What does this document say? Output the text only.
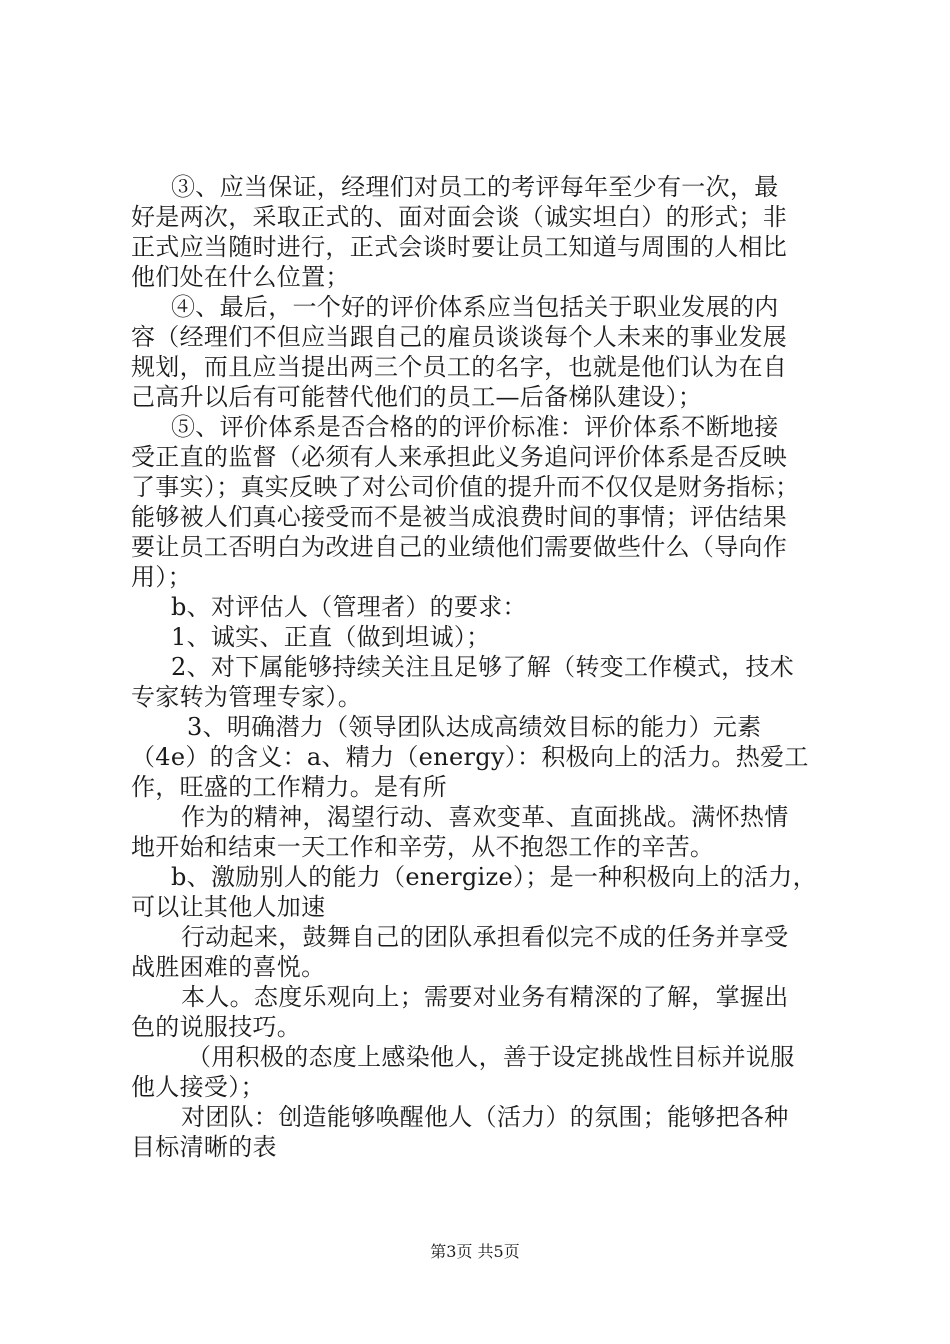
③、应当保证，经理们对员工的考评每年至少有一次，最
好是两次，采取正式的、面对面会谈（诚实坦白）的形式；非
正式应当随时进行，正式会谈时要让员工知道与周围的人相比
他们处在什么位置；
④、最后，一个好的评价体系应当包括关于职业发展的内
容（经理们不但应当跟自己的雇员谈谈每个人未来的事业发展
规划，而且应当提出两三个员工的名字，也就是他们认为在自
己高升以后有可能替代他们的员工—后备梯队建设）；
⑤、评价体系是否合格的的评价标准：评价体系不断地接
受正直的监督（必须有人来承担此义务追问评价体系是否反映
了事实）；真实反映了对公司价值的提升而不仅仅是财务指标；
能够被人们真心接受而不是被当成浪费时间的事情；评估结果
要让员工否明白为改进自己的业绩他们需要做些什么（导向作
用）；
b、对评估人（管理者）的要求：
1、诚实、正直（做到坦诚）；
2、对下属能够持续关注且足够了解（转变工作模式，技术
专家转为管理专家）。
3、明确潜力（领导团队达成高绩效目标的能力）元素
（4e）的含义：a、精力（energy）：积极向上的活力。热爱工
作，旺盛的工作精力。是有所
作为的精神，渴望行动、喜欢变革、直面挑战。满怀热情
地开始和结束一天工作和辛劳，从不抱怨工作的辛苦。
b、激励别人的能力（energize）；是一种积极向上的活力，
可以让其他人加速
行动起来，鼓舞自己的团队承担看似完不成的任务并享受
战胜困难的喜悦。
本人。态度乐观向上；需要对业务有精深的了解，掌握出
色的说服技巧。
（用积极的态度上感染他人，善于设定挑战性目标并说服
他人接受）；
对团队：创造能够唤醒他人（活力）的氛围；能够把各种
目标清晰的表
第3页 共5页
